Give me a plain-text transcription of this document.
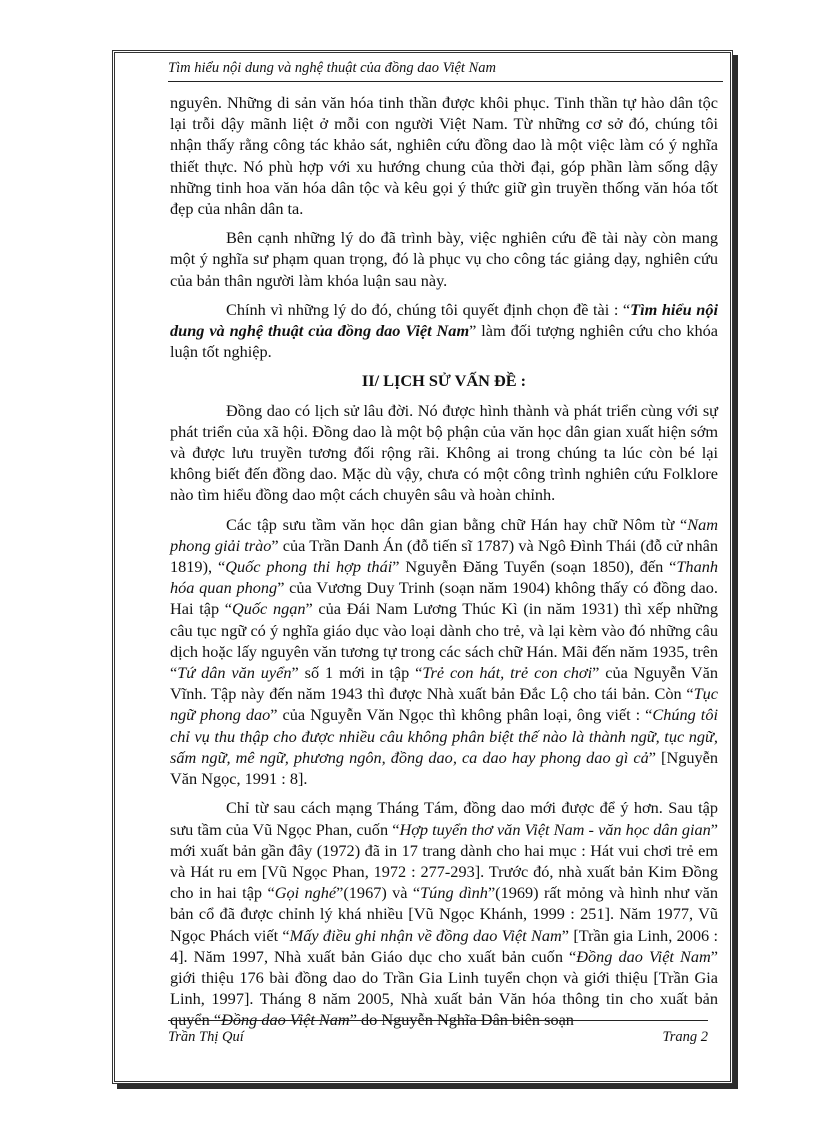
Tìm hiểu nội dung và nghệ thuật của đồng dao Việt Nam

nguyên. Những di sản văn hóa tinh thần được khôi phục. Tinh thần tự hào dân tộc lại trỗi dậy mãnh liệt ở mỗi con người Việt Nam. Từ những cơ sở đó, chúng tôi nhận thấy rằng công tác khảo sát, nghiên cứu đồng dao là một việc làm có ý nghĩa thiết thực. Nó phù hợp với xu hướng chung của thời đại, góp phần làm sống dậy những tinh hoa văn hóa dân tộc và kêu gọi ý thức giữ gìn truyền thống văn hóa tốt đẹp của nhân dân ta.

Bên cạnh những lý do đã trình bày, việc nghiên cứu đề tài này còn mang một ý nghĩa sư phạm quan trọng, đó là phục vụ cho công tác giảng dạy, nghiên cứu của bản thân người làm khóa luận sau này.

Chính vì những lý do đó, chúng tôi quyết định chọn đề tài : “Tìm hiểu nội dung và nghệ thuật của đồng dao Việt Nam” làm đối tượng nghiên cứu cho khóa luận tốt nghiệp.

II/ LỊCH SỬ VẤN ĐỀ :

Đồng dao có lịch sử lâu đời. Nó được hình thành và phát triển cùng với sự phát triển của xã hội. Đồng dao là một bộ phận của văn học dân gian xuất hiện sớm và được lưu truyền tương đối rộng rãi. Không ai trong chúng ta lúc còn bé lại không biết đến đồng dao. Mặc dù vậy, chưa có một công trình nghiên cứu Folklore nào tìm hiểu đồng dao một cách chuyên sâu và hoàn chỉnh.

Các tập sưu tầm văn học dân gian bằng chữ Hán hay chữ Nôm từ “Nam phong giải trào” của Trần Danh Án (đỗ tiến sĩ 1787) và Ngô Đình Thái (đỗ cử nhân 1819), “Quốc phong thi hợp thái” Nguyễn Đăng Tuyển (soạn 1850), đến “Thanh hóa quan phong” của Vương Duy Trinh (soạn năm 1904) không thấy có đồng dao. Hai tập “Quốc ngạn” của Đái Nam Lương Thúc Kì (in năm 1931) thì xếp những câu tục ngữ có ý nghĩa giáo dục vào loại dành cho trẻ, và lại kèm vào đó những câu dịch hoặc lấy nguyên văn tương tự trong các sách chữ Hán. Mãi đến năm 1935, trên “Tứ dân văn uyển” số 1 mới in tập “Trẻ con hát, trẻ con chơi” của Nguyễn Văn Vĩnh. Tập này đến năm 1943 thì được Nhà xuất bản Đắc Lộ cho tái bản. Còn “Tục ngữ phong dao” của Nguyễn Văn Ngọc thì không phân loại, ông viết : “Chúng tôi chỉ vụ thu thập cho được nhiều câu không phân biệt thế nào là thành ngữ, tục ngữ, sấm ngữ, mê ngữ, phương ngôn, đồng dao, ca dao hay phong dao gì cả” [Nguyễn Văn Ngọc, 1991 : 8].

Chỉ từ sau cách mạng Tháng Tám, đồng dao mới được để ý hơn. Sau tập sưu tầm của Vũ Ngọc Phan, cuốn “Hợp tuyển thơ văn Việt Nam - văn học dân gian” mới xuất bản gần đây (1972) đã in 17 trang dành cho hai mục : Hát vui chơi trẻ em và Hát ru em [Vũ Ngọc Phan, 1972 : 277-293]. Trước đó, nhà xuất bản Kim Đồng cho in hai tập “Gọi nghé”(1967) và “Túng dình”(1969) rất mỏng và hình như văn bản cổ đã được chỉnh lý khá nhiều [Vũ Ngọc Khánh, 1999 : 251]. Năm 1977, Vũ Ngọc Phách viết “Mấy điều ghi nhận về đồng dao Việt Nam” [Trần gia Linh, 2006 : 4]. Năm 1997, Nhà xuất bản Giáo dục cho xuất bản cuốn “Đồng dao Việt Nam” giới thiệu 176 bài đồng dao do Trần Gia Linh tuyển chọn và giới thiệu [Trần Gia Linh, 1997]. Tháng 8 năm 2005, Nhà xuất bản Văn hóa thông tin cho xuất bản quyển “Đồng dao Việt Nam” do Nguyễn Nghĩa Dân biên soạn

Trần Thị Quí	Trang 2
